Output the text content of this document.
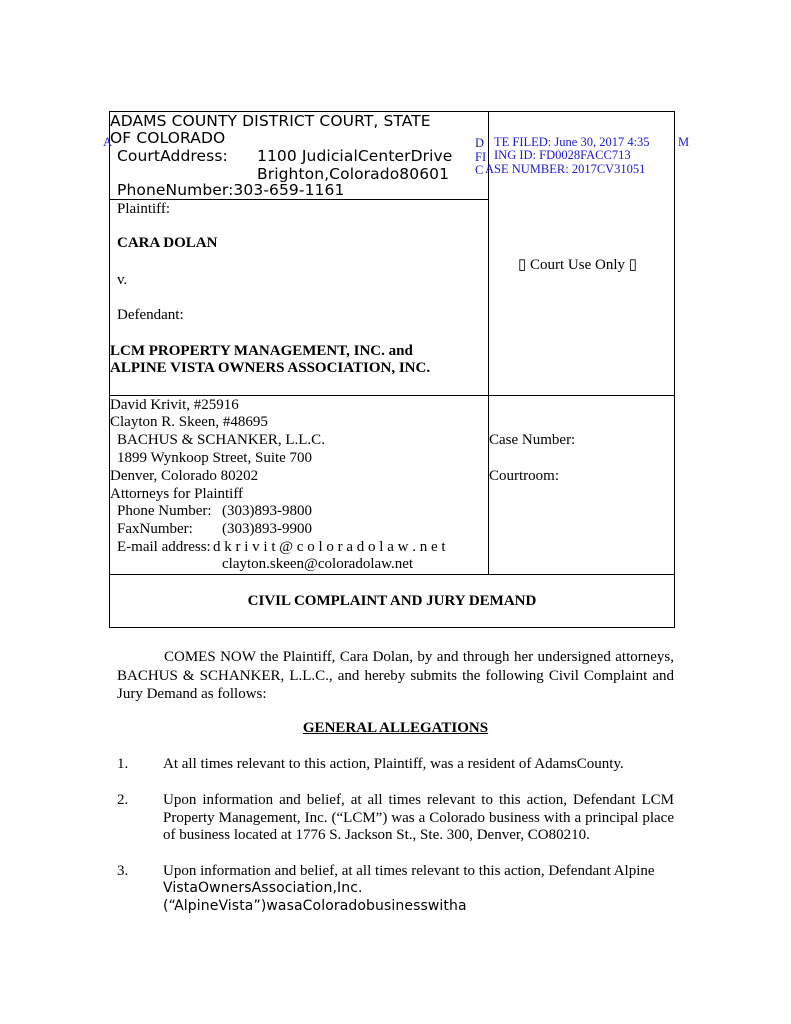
ADAMS COUNTY DISTRICT COURT, STATE
OF COLORADO
CourtAddress: 1100 JudicialCenterDrive
Brighton,Colorado80601
PhoneNumber:303-659-1161
A	D
FI
C
TE FILED: June 30, 2017 4:35 M
ING ID: FD0028FACC713
ASE NUMBER: 2017CV31051
Plaintiff:
CARA DOLAN
v.
Defendant:
LCM PROPERTY MANAGEMENT, INC. and
ALPINE VISTA OWNERS ASSOCIATION, INC.
▯ Court Use Only ▯
David Krivit, #25916
Clayton R. Skeen, #48695
BACHUS & SCHANKER, L.L.C.
1899 Wynkoop Street, Suite 700
Denver, Colorado 80202
Attorneys for Plaintiff
Phone Number: (303)893-9800
FaxNumber: (303)893-9900
E-mail address: d k r i v i t @ c o l o r a d o l a w . n e t
clayton.skeen@coloradolaw.net
Case Number:
Courtroom:
CIVIL COMPLAINT AND JURY DEMAND
COMES NOW the Plaintiff, Cara Dolan, by and through her undersigned attorneys, BACHUS & SCHANKER, L.L.C., and hereby submits the following Civil Complaint and Jury Demand as follows:
GENERAL ALLEGATIONS
1. At all times relevant to this action, Plaintiff, was a resident of AdamsCounty.
2. Upon information and belief, at all times relevant to this action, Defendant LCM Property Management, Inc. (“LCM”) was a Colorado business with a principal place of business located at 1776 S. Jackson St., Ste. 300, Denver, CO80210.
3. Upon information and belief, at all times relevant to this action, Defendant Alpine
VistaOwnersAssociation,Inc.
(“AlpineVista”)wasaColoradobusinesswitha
